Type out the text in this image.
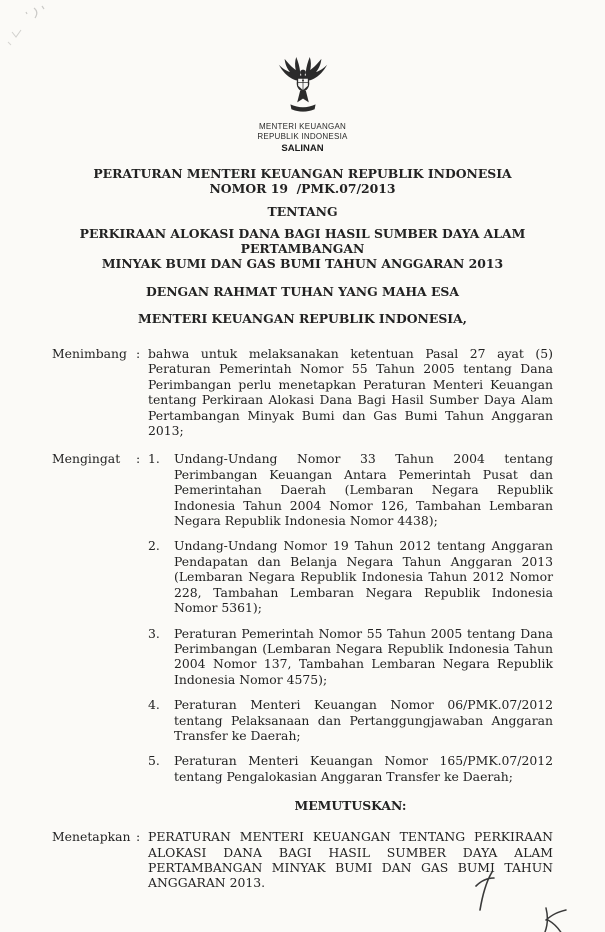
MENTERI KEUANGAN
REPUBLIK INDONESIA
SALINAN
PERATURAN MENTERI KEUANGAN REPUBLIK INDONESIA
NOMOR 19  /PMK.07/2013
TENTANG
PERKIRAAN ALOKASI DANA BAGI HASIL SUMBER DAYA ALAM PERTAMBANGAN
MINYAK BUMI DAN GAS BUMI TAHUN ANGGARAN 2013
DENGAN RAHMAT TUHAN YANG MAHA ESA
MENTERI KEUANGAN REPUBLIK INDONESIA,
Menimbang : bahwa untuk melaksanakan ketentuan Pasal 27 ayat (5) Peraturan Pemerintah Nomor 55 Tahun 2005 tentang Dana Perimbangan perlu menetapkan Peraturan Menteri Keuangan tentang Perkiraan Alokasi Dana Bagi Hasil Sumber Daya Alam Pertambangan Minyak Bumi dan Gas Bumi Tahun Anggaran 2013;
Mengingat	: 1.	Undang-Undang Nomor 33 Tahun 2004 tentang Perimbangan Keuangan Antara Pemerintah Pusat dan Pemerintahan Daerah (Lembaran Negara Republik Indonesia Tahun 2004 Nomor 126, Tambahan Lembaran Negara Republik Indonesia Nomor 4438);
2.	Undang-Undang Nomor 19 Tahun 2012 tentang Anggaran Pendapatan dan Belanja Negara Tahun Anggaran 2013 (Lembaran Negara Republik Indonesia Tahun 2012 Nomor 228, Tambahan Lembaran Negara Republik Indonesia Nomor 5361);
3.	Peraturan Pemerintah Nomor 55 Tahun 2005 tentang Dana Perimbangan (Lembaran Negara Republik Indonesia Tahun 2004 Nomor 137, Tambahan Lembaran Negara Republik Indonesia Nomor 4575);
4.	Peraturan Menteri Keuangan Nomor 06/PMK.07/2012 tentang Pelaksanaan dan Pertanggungjawaban Anggaran Transfer ke Daerah;
5.	Peraturan Menteri Keuangan Nomor 165/PMK.07/2012 tentang Pengalokasian Anggaran Transfer ke Daerah;
MEMUTUSKAN:
Menetapkan : PERATURAN MENTERI KEUANGAN TENTANG PERKIRAAN ALOKASI DANA BAGI HASIL SUMBER DAYA ALAM PERTAMBANGAN MINYAK BUMI DAN GAS BUMI TAHUN ANGGARAN 2013.
